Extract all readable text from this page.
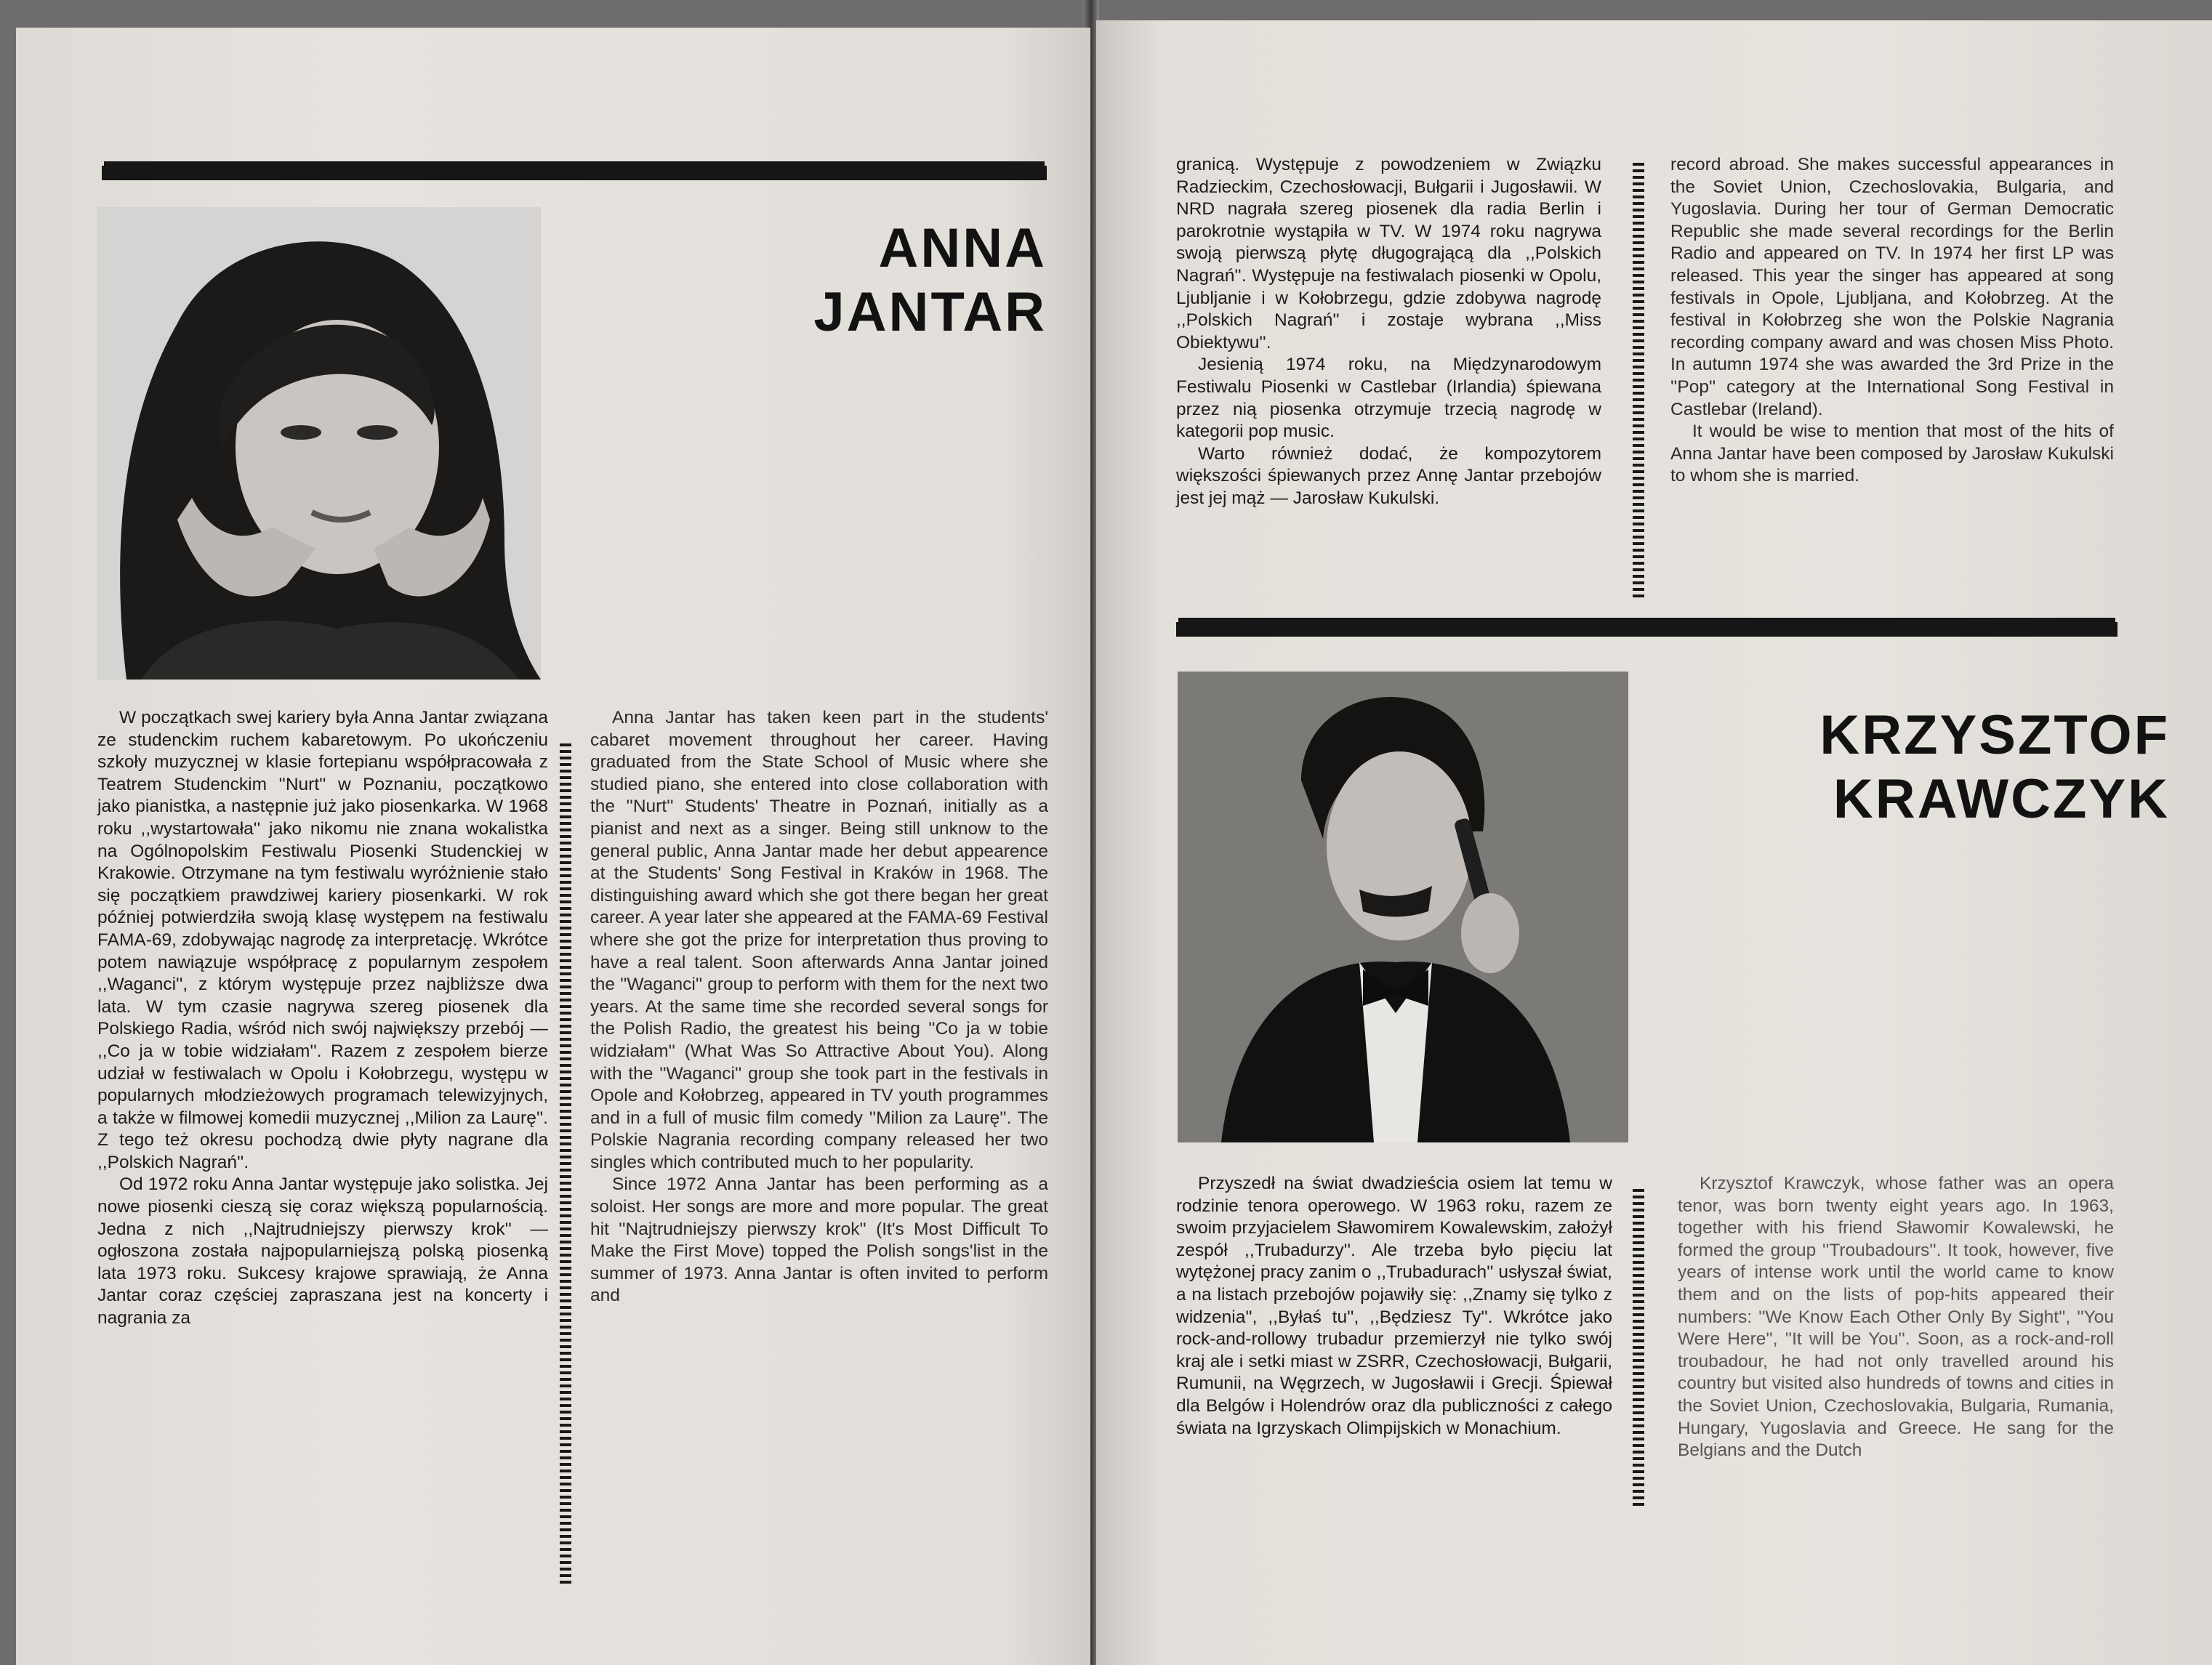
ANNA
JANTAR

W początkach swej kariery była Anna Jantar związana ze studenckim ruchem kabaretowym. Po ukończeniu szkoły muzycznej w klasie fortepianu współpracowała z Teatrem Studenckim ''Nurt'' w Poznaniu, początkowo jako pianistka, a następnie już jako piosenkarka. W 1968 roku ,,wystartowała'' jako nikomu nie znana wokalistka na Ogólnopolskim Festiwalu Piosenki Studenckiej w Krakowie. Otrzymane na tym festiwalu wyróżnienie stało się początkiem prawdziwej kariery piosenkarki. W rok później potwierdziła swoją klasę występem na festiwalu FAMA-69, zdobywając nagrodę za interpretację. Wkrótce potem nawiązuje współpracę z popularnym zespołem ,,Waganci'', z którym występuje przez najbliższe dwa lata. W tym czasie nagrywa szereg piosenek dla Polskiego Radia, wśród nich swój największy przebój — ,,Co ja w tobie widziałam''. Razem z zespołem bierze udział w festiwalach w Opolu i Kołobrzegu, występu w popularnych młodzieżowych programach telewizyjnych, a także w filmowej komedii muzycznej ,,Milion za Laurę''. Z tego też okresu pochodzą dwie płyty nagrane dla ,,Polskich Nagrań''.

Od 1972 roku Anna Jantar występuje jako solistka. Jej nowe piosenki cieszą się coraz większą popularnością. Jedna z nich ,,Najtrudniejszy pierwszy krok'' — ogłoszona została najpopularniejszą polską piosenką lata 1973 roku. Sukcesy krajowe sprawiają, że Anna Jantar coraz częściej zapraszana jest na koncerty i nagrania za

Anna Jantar has taken keen part in the students' cabaret movement throughout her career. Having graduated from the State School of Music where she studied piano, she entered into close collaboration with the ''Nurt'' Students' Theatre in Poznań, initially as a pianist and next as a singer. Being still unknow to the general public, Anna Jantar made her debut appearence at the Students' Song Festival in Kraków in 1968. The distinguishing award which she got there began her great career. A year later she appeared at the FAMA-69 Festival where she got the prize for interpretation thus proving to have a real talent. Soon afterwards Anna Jantar joined the ''Waganci'' group to perform with them for the next two years. At the same time she recorded several songs for the Polish Radio, the greatest his being ''Co ja w tobie widziałam'' (What Was So Attractive About You). Along with the ''Waganci'' group she took part in the festivals in Opole and Kołobrzeg, appeared in TV youth programmes and in a full of music film comedy ''Milion za Laurę''. The Polskie Nagrania recording company released her two singles which contributed much to her popularity.

Since 1972 Anna Jantar has been performing as a soloist. Her songs are more and more popular. The great hit ''Najtrudniejszy pierwszy krok'' (It's Most Difficult To Make the First Move) topped the Polish songs'list in the summer of 1973. Anna Jantar is often invited to perform and

granicą. Występuje z powodzeniem w Związku Radzieckim, Czechosłowacji, Bułgarii i Jugosławii. W NRD nagrała szereg piosenek dla radia Berlin i parokrotnie wystąpiła w TV. W 1974 roku nagrywa swoją pierwszą płytę długogrającą dla ,,Polskich Nagrań''. Występuje na festiwalach piosenki w Opolu, Ljubljanie i w Kołobrzegu, gdzie zdobywa nagrodę ,,Polskich Nagrań'' i zostaje wybrana ,,Miss Obiektywu''.

Jesienią 1974 roku, na Międzynarodowym Festiwalu Piosenki w Castlebar (Irlandia) śpiewana przez nią piosenka otrzymuje trzecią nagrodę w kategorii pop music.

Warto również dodać, że kompozytorem większości śpiewanych przez Annę Jantar przebojów jest jej mąż — Jarosław Kukulski.

record abroad. She makes successful appearances in the Soviet Union, Czechoslovakia, Bulgaria, and Yugoslavia. During her tour of German Democratic Republic she made several recordings for the Berlin Radio and appeared on TV. In 1974 her first LP was released. This year the singer has appeared at song festivals in Opole, Ljubljana, and Kołobrzeg. At the festival in Kołobrzeg she won the Polskie Nagrania recording company award and was chosen Miss Photo. In autumn 1974 she was awarded the 3rd Prize in the ''Pop'' category at the International Song Festival in Castlebar (Ireland).

It would be wise to mention that most of the hits of Anna Jantar have been composed by Jarosław Kukulski to whom she is married.

KRZYSZTOF
KRAWCZYK

Przyszedł na świat dwadzieścia osiem lat temu w rodzinie tenora operowego. W 1963 roku, razem ze swoim przyjacielem Sławomirem Kowalewskim, założył zespół ,,Trubadurzy''. Ale trzeba było pięciu lat wytężonej pracy zanim o ,,Trubadurach'' usłyszał świat, a na listach przebojów pojawiły się: ,,Znamy się tylko z widzenia'', ,,Byłaś tu'', ,,Będziesz Ty''. Wkrótce jako rock-and-rollowy trubadur przemierzył nie tylko swój kraj ale i setki miast w ZSRR, Czechosłowacji, Bułgarii, Rumunii, na Węgrzech, w Jugosławii i Grecji. Śpiewał dla Belgów i Holendrów oraz dla publiczności z całego świata na Igrzyskach Olimpijskich w Monachium.

Krzysztof Krawczyk, whose father was an opera tenor, was born twenty eight years ago. In 1963, together with his friend Sławomir Kowalewski, he formed the group ''Troubadours''. It took, however, five years of intense work until the world came to know them and on the lists of pop-hits appeared their numbers: ''We Know Each Other Only By Sight'', ''You Were Here'', ''It will be You''. Soon, as a rock-and-roll troubadour, he had not only travelled around his country but visited also hundreds of towns and cities in the Soviet Union, Czechoslovakia, Bulgaria, Rumania, Hungary, Yugoslavia and Greece. He sang for the Belgians and the Dutch
